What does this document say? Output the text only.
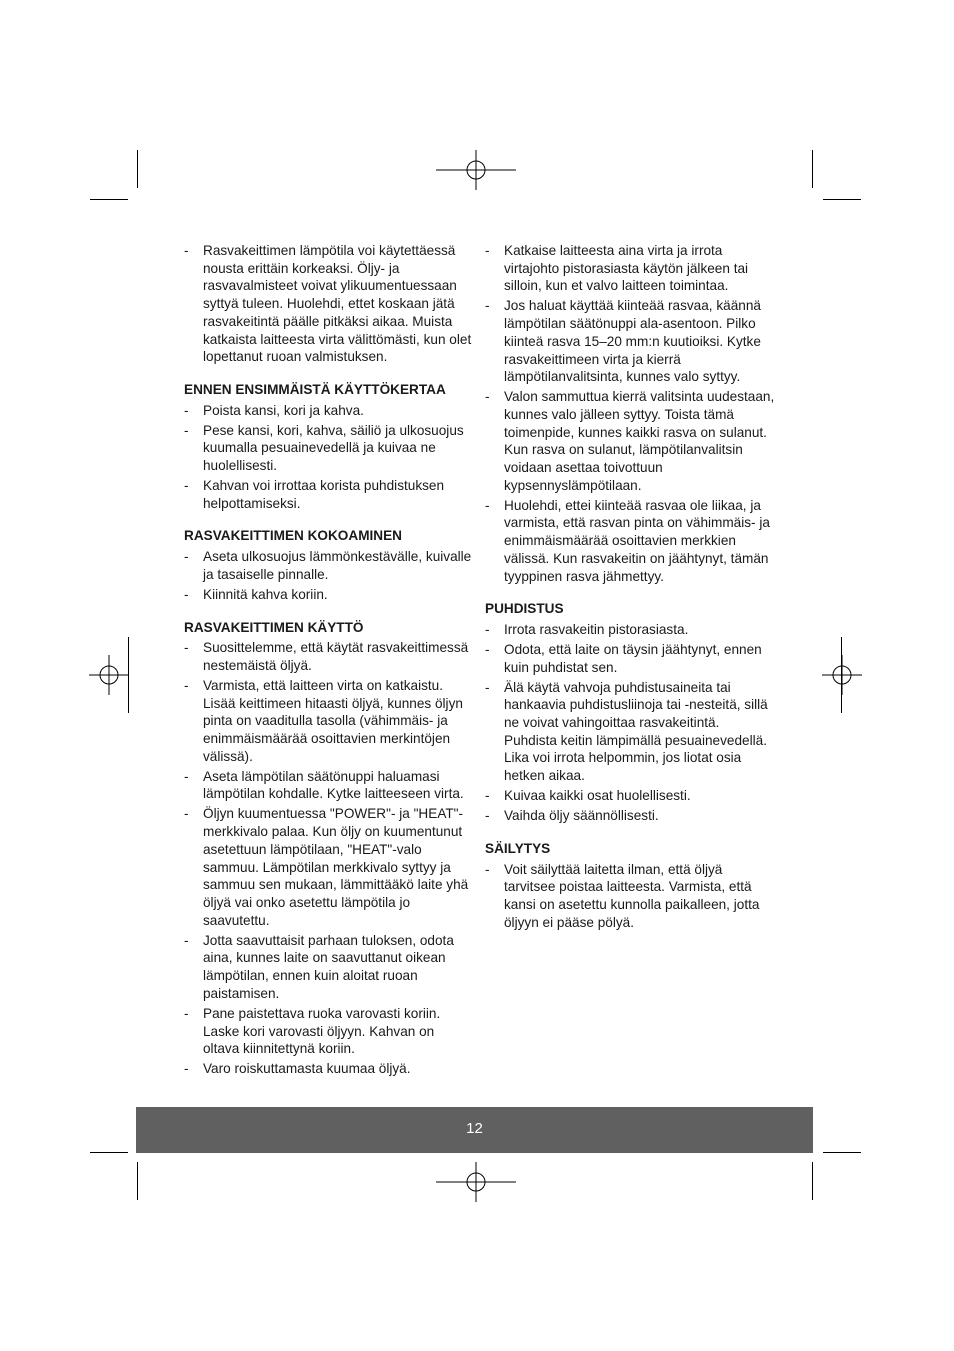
- Rasvakeittimen lämpötila voi käytettäessä nousta erittäin korkeaksi. Öljy- ja rasvavalmisteet voivat ylikuumentuessaan syttyä tuleen. Huolehdi, ettet koskaan jätä rasvakeitintä päälle pitkäksi aikaa. Muista katkaista laitteesta virta välittömästi, kun olet lopettanut ruoan valmistuksen.
ENNEN ENSIMMÄISTÄ KÄYTTÖKERTAA
- Poista kansi, kori ja kahva.
- Pese kansi, kori, kahva, säiliö ja ulkosuojus kuumalla pesuainevedellä ja kuivaa ne huolellisesti.
- Kahvan voi irrottaa korista puhdistuksen helpottamiseksi.
RASVAKEITTIMEN KOKOAMINEN
- Aseta ulkosuojus lämmönkestävälle, kuivalle ja tasaiselle pinnalle.
- Kiinnitä kahva koriin.
RASVAKEITTIMEN KÄYTTÖ
- Suosittelemme, että käytät rasvakeittimessä nestemäistä öljyä.
- Varmista, että laitteen virta on katkaistu. Lisää keittimeen hitaasti öljyä, kunnes öljyn pinta on vaaditulla tasolla (vähimmäis- ja enimmäismäärää osoittavien merkintöjen välissä).
- Aseta lämpötilan säätönuppi haluamasi lämpötilan kohdalle. Kytke laitteeseen virta.
- Öljyn kuumentuessa "POWER"- ja "HEAT"-merkkivalo palaa. Kun öljy on kuumentunut asetettuun lämpötilaan, "HEAT"-valo sammuu. Lämpötilan merkkivalo syttyy ja sammuu sen mukaan, lämmittääkö laite yhä öljyä vai onko asetettu lämpötila jo saavutettu.
- Jotta saavuttaisit parhaan tuloksen, odota aina, kunnes laite on saavuttanut oikean lämpötilan, ennen kuin aloitat ruoan paistamisen.
- Pane paistettava ruoka varovasti koriin. Laske kori varovasti öljyyn. Kahvan on oltava kiinnitettynä koriin.
- Varo roiskuttamasta kuumaa öljyä.
- Katkaise laitteesta aina virta ja irrota virtajohto pistorasiasta käytön jälkeen tai silloin, kun et valvo laitteen toimintaa.
- Jos haluat käyttää kiinteää rasvaa, käännä lämpötilan säätönuppi ala-asentoon. Pilko kiinteä rasva 15–20 mm:n kuutioiksi. Kytke rasvakeittimeen virta ja kierrä lämpötilanvalitsinta, kunnes valo syttyy.
- Valon sammuttua kierrä valitsinta uudestaan, kunnes valo jälleen syttyy. Toista tämä toimenpide, kunnes kaikki rasva on sulanut. Kun rasva on sulanut, lämpötilanvalitsin voidaan asettaa toivottuun kypsennyslämpötilaan.
- Huolehdi, ettei kiinteää rasvaa ole liikaa, ja varmista, että rasvan pinta on vähimmäis- ja enimmäismäärää osoittavien merkkien välissä. Kun rasvakeitin on jäähtynyt, tämän tyyppinen rasva jähmettyy.
PUHDISTUS
- Irrota rasvakeitin pistorasiasta.
- Odota, että laite on täysin jäähtynyt, ennen kuin puhdistat sen.
- Älä käytä vahvoja puhdistusaineita tai hankaavia puhdistusliinoja tai -nesteitä, sillä ne voivat vahingoittaa rasvakeitintä. Puhdista keitin lämpimällä pesuainevedellä. Lika voi irrota helpommin, jos liotat osia hetken aikaa.
- Kuivaa kaikki osat huolellisesti.
- Vaihda öljy säännöllisesti.
SÄILYTYS
- Voit säilyttää laitetta ilman, että öljyä tarvitsee poistaa laitteesta. Varmista, että kansi on asetettu kunnolla paikalleen, jotta öljyyn ei pääse pölyä.
12
